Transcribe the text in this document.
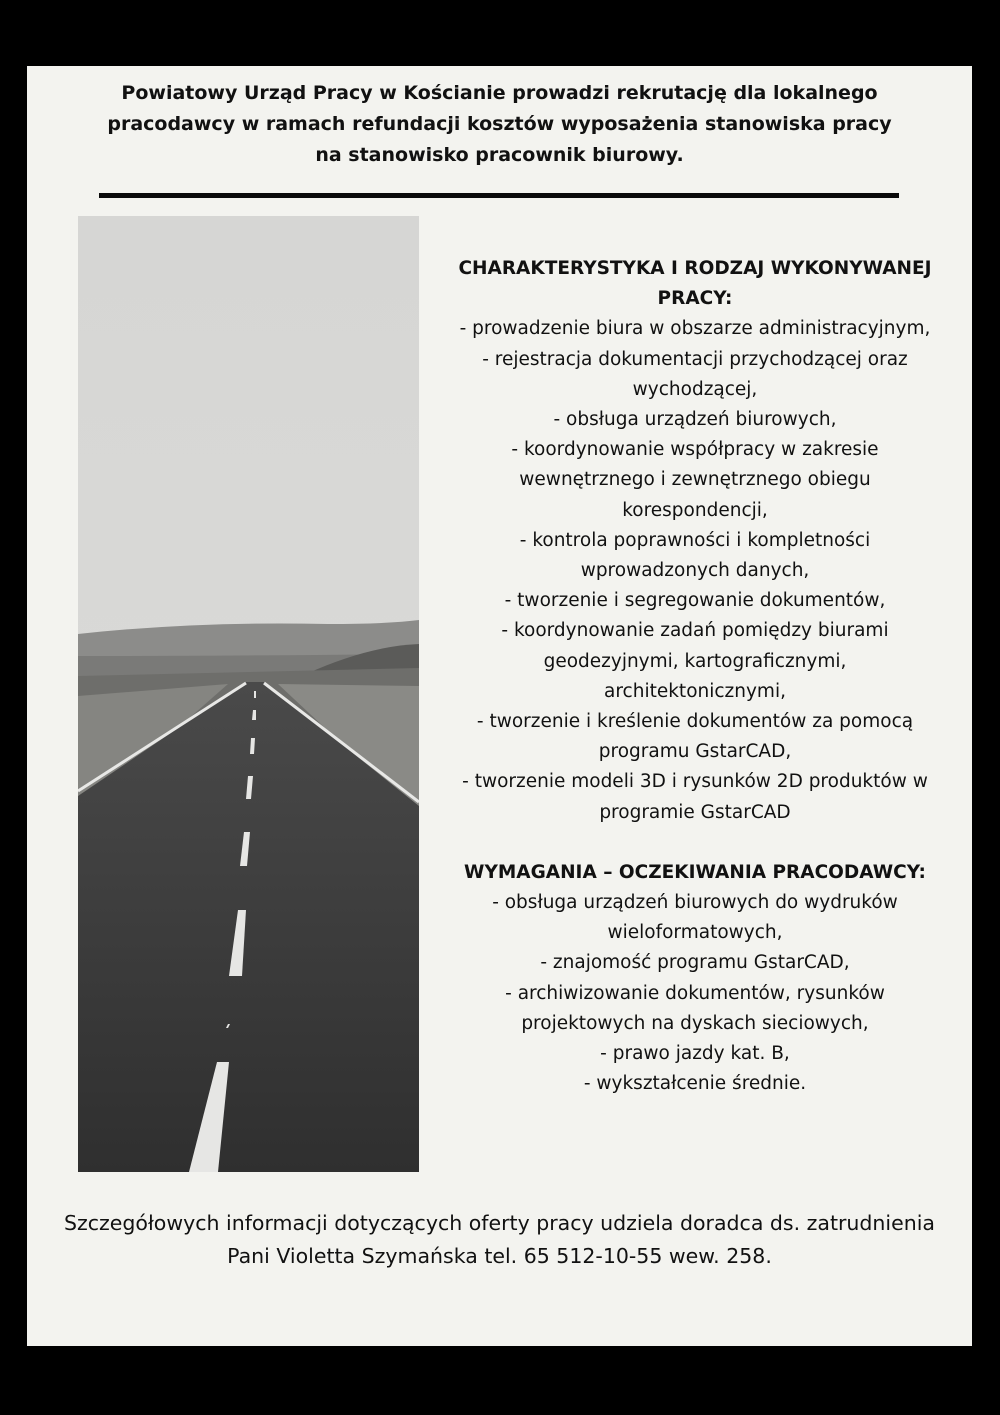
Powiatowy Urząd Pracy w Kościanie prowadzi rekrutację dla lokalnego
pracodawcy w ramach refundacji kosztów wyposażenia stanowiska pracy
na stanowisko pracownik biurowy.
CHARAKTERYSTYKA I RODZAJ WYKONYWANEJ
PRACY:
- prowadzenie biura w obszarze administracyjnym,
- rejestracja dokumentacji przychodzącej oraz
wychodzącej,
- obsługa urządzeń biurowych,
- koordynowanie współpracy w zakresie
wewnętrznego i zewnętrznego obiegu
korespondencji,
- kontrola poprawności i kompletności
wprowadzonych danych,
- tworzenie i segregowanie dokumentów,
- koordynowanie zadań pomiędzy biurami
geodezyjnymi, kartograficznymi,
architektonicznymi,
- tworzenie i kreślenie dokumentów za pomocą
programu GstarCAD,
- tworzenie modeli 3D i rysunków 2D produktów w
programie GstarCAD
WYMAGANIA – OCZEKIWANIA PRACODAWCY:
- obsługa urządzeń biurowych do wydruków
wieloformatowych,
- znajomość programu GstarCAD,
- archiwizowanie dokumentów, rysunków
projektowych na dyskach sieciowych,
- prawo jazdy kat. B,
- wykształcenie średnie.
Szczegółowych informacji dotyczących oferty pracy udziela doradca ds. zatrudnienia
Pani Violetta Szymańska tel. 65 512-10-55 wew. 258.
